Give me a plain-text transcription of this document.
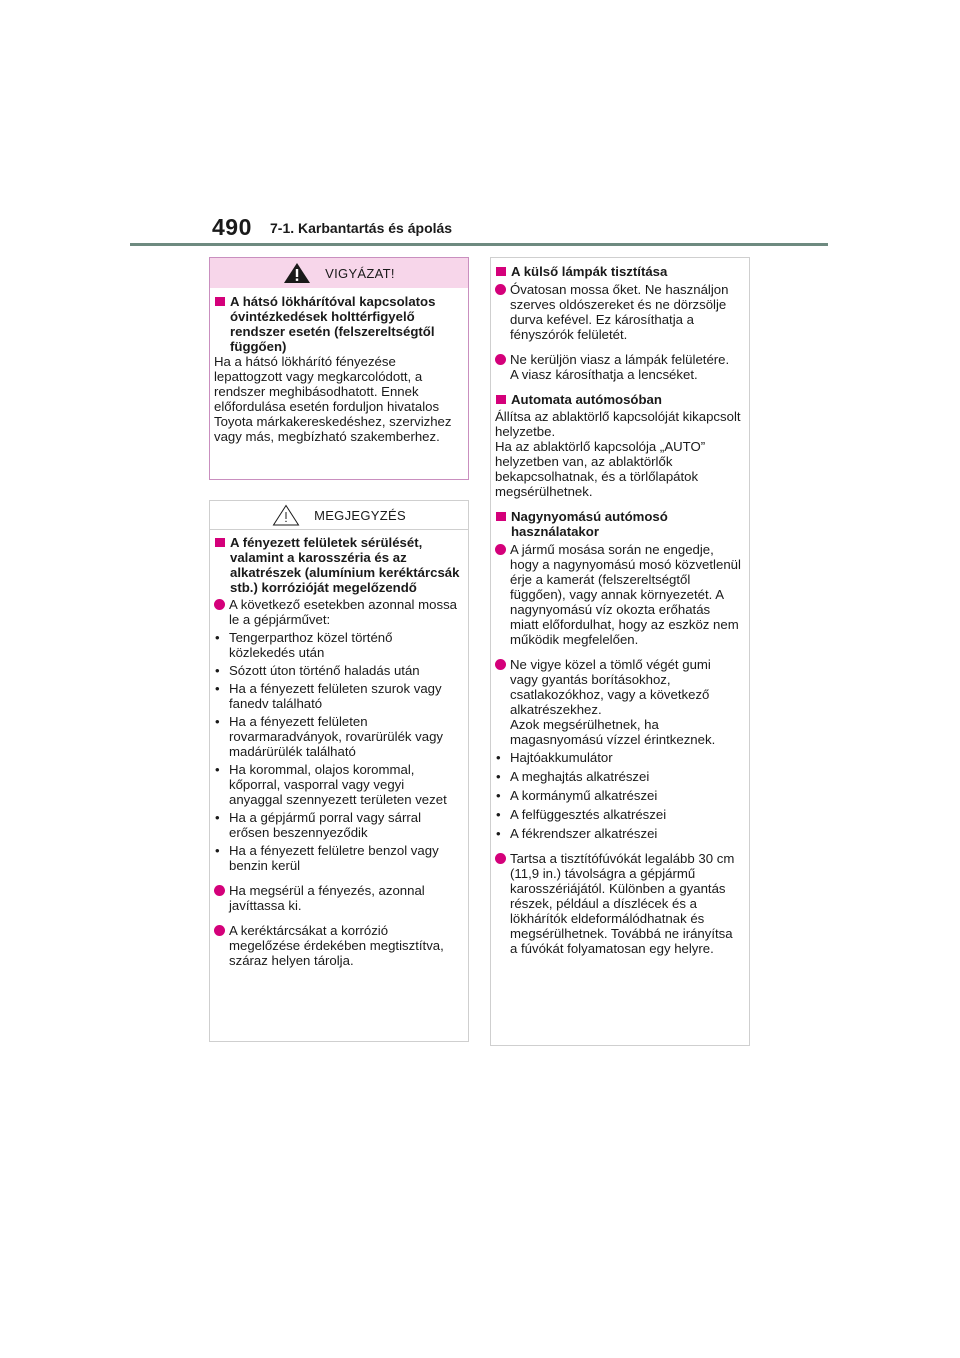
490 7-1. Karbantartás és ápolás
VIGYÁZAT!
A hátsó lökhárítóval kapcsolatos óvintézkedések holttérfigyelő rendszer esetén (felszereltségtől függően)

Ha a hátsó lökhárító fényezése lepattogzott vagy megkarcolódott, a rendszer meghibásodhatott. Ennek előfordulása esetén forduljon hivatalos Toyota márkakereskedéshez, szervizhez vagy más, megbízható szakemberhez.

MEGJEGYZÉS
A fényezett felületek sérülését, valamint a karosszéria és az alkatrészek (alumínium keréktárcsák stb.) korrózióját megelőzendő
A következő esetekben azonnal mossa le a gépjárművet:
• Tengerparthoz közel történő közlekedés után
• Sózott úton történő haladás után
• Ha a fényezett felületen szurok vagy fanedv található
• Ha a fényezett felületen rovarmaradványok, rovarürülék vagy madárürülék található
• Ha korommal, olajos korommal, kőporral, vasporral vagy vegyi anyaggal szennyezett területen vezet
• Ha a gépjármű porral vagy sárral erősen beszennyeződik
• Ha a fényezett felületre benzol vagy benzin kerül
Ha megsérül a fényezés, azonnal javíttassa ki.
A keréktárcsákat a korrózió megelőzése érdekében megtisztítva, száraz helyen tárolja.
A külső lámpák tisztítása
Óvatosan mossa őket. Ne használjon szerves oldószereket és ne dörzsölje durva kefével. Ez károsíthatja a fényszórók felületét.
Ne kerüljön viasz a lámpák felületére.
A viasz károsíthatja a lencséket.
Automata autómosóban

Állítsa az ablaktörlő kapcsolóját kikapcsolt helyzetbe.

Ha az ablaktörlő kapcsolója „AUTO” helyzetben van, az ablaktörlők bekapcsolhatnak, és a törlőlapátok megsérülhetnek.

Nagynyomású autómosó használatakor
A jármű mosása során ne engedje, hogy a nagynyomású mosó közvetlenül érje a kamerát (felszereltségtől függően), vagy annak környezetét. A nagynyomású víz okozta erőhatás miatt előfordulhat, hogy az eszköz nem működik megfelelően.
Ne vigye közel a tömlő végét gumi vagy gyantás borításokhoz, csatlakozókhoz, vagy a következő alkatrészekhez.
Azok megsérülhetnek, ha magasnyomású vízzel érintkeznek.
• Hajtóakkumulátor
• A meghajtás alkatrészei
• A kormánymű alkatrészei
• A felfüggesztés alkatrészei
• A fékrendszer alkatrészei
Tartsa a tisztítófúvókát legalább 30 cm (11,9 in.) távolságra a gépjármű karosszériájától. Különben a gyantás részek, például a díszlécek és a lökhárítók eldeformálódhatnak és megsérülhetnek. Továbbá ne irányítsa a fúvókát folyamatosan egy helyre.
